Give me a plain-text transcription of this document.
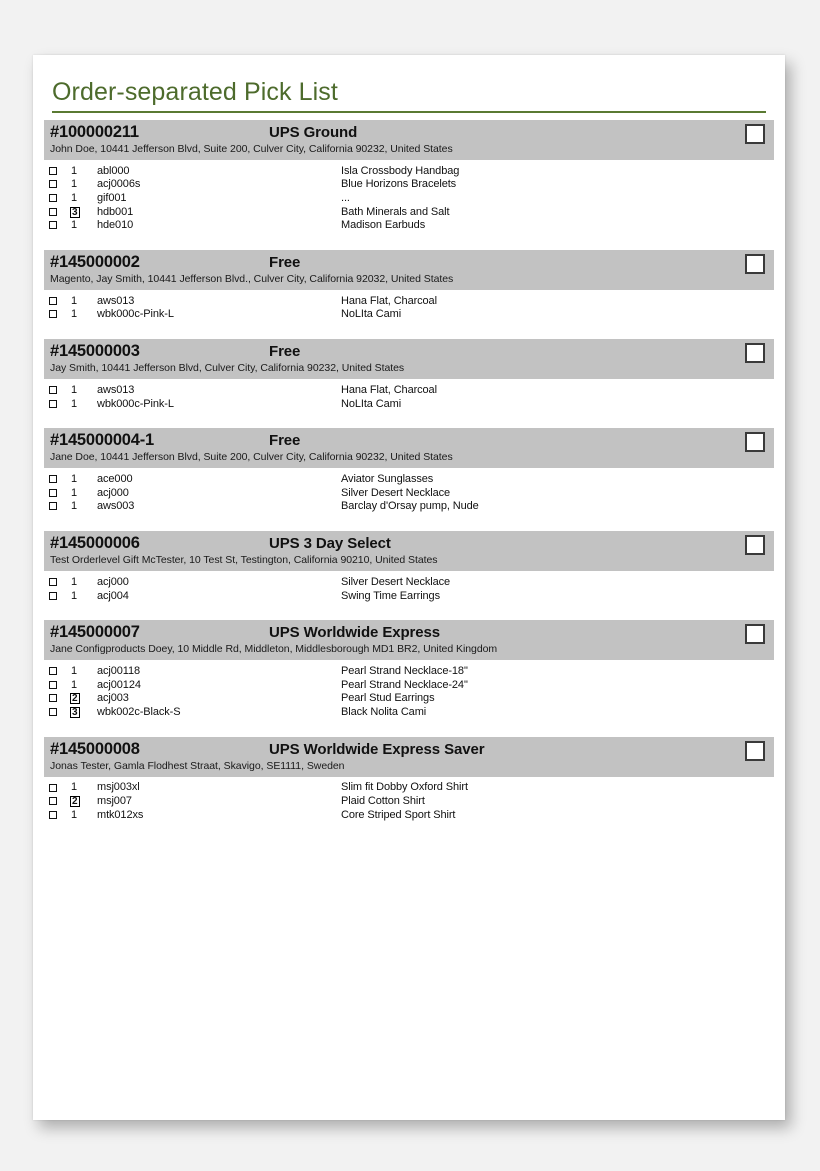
Order-separated Pick List
#100000211	UPS Ground
John Doe, 10441 Jefferson Blvd, Suite 200, Culver City, California 90232, United States
1	abl000	Isla Crossbody Handbag
1	acj0006s	Blue Horizons Bracelets
1	gif001	...
3	hdb001	Bath Minerals and Salt
1	hde010	Madison Earbuds
#145000002	Free
Magento, Jay Smith, 10441 Jefferson Blvd., Culver City, California 92032, United States
1	aws013	Hana Flat, Charcoal
1	wbk000c-Pink-L	NoLIta Cami
#145000003	Free
Jay Smith, 10441 Jefferson Blvd, Culver City, California 90232, United States
1	aws013	Hana Flat, Charcoal
1	wbk000c-Pink-L	NoLIta Cami
#145000004-1	Free
Jane Doe, 10441 Jefferson Blvd, Suite 200, Culver City, California 90232, United States
1	ace000	Aviator Sunglasses
1	acj000	Silver Desert Necklace
1	aws003	Barclay d'Orsay pump, Nude
#145000006	UPS 3 Day Select
Test Orderlevel Gift McTester, 10 Test St, Testington, California 90210, United States
1	acj000	Silver Desert Necklace
1	acj004	Swing Time Earrings
#145000007	UPS Worldwide Express
Jane Configproducts Doey, 10 Middle Rd, Middleton, Middlesborough MD1 BR2, United Kingdom
1	acj00118	Pearl Strand Necklace-18"
1	acj00124	Pearl Strand Necklace-24"
2	acj003	Pearl Stud Earrings
3	wbk002c-Black-S	Black Nolita Cami
#145000008	UPS Worldwide Express Saver
Jonas Tester, Gamla Flodhest Straat, Skavigo, SE1111, Sweden
1	msj003xl	Slim fit Dobby Oxford Shirt
2	msj007	Plaid Cotton Shirt
1	mtk012xs	Core Striped Sport Shirt
